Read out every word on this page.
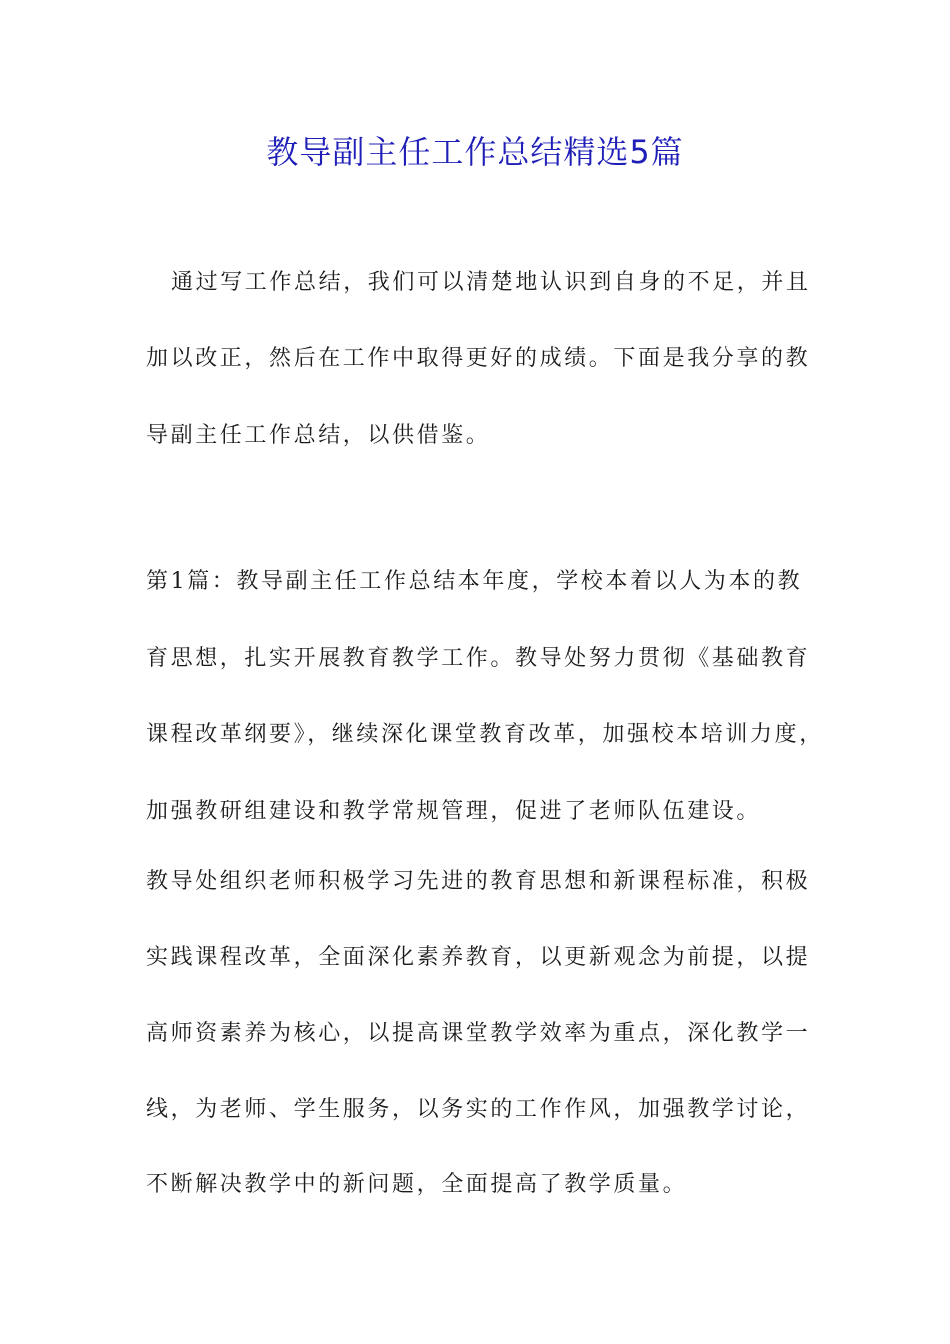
教导副主任工作总结精选5篇

通过写工作总结，我们可以清楚地认识到自身的不足，并且

加以改正，然后在工作中取得更好的成绩。下面是我分享的教

导副主任工作总结，以供借鉴。

第1篇：教导副主任工作总结本年度，学校本着以人为本的教

育思想，扎实开展教育教学工作。教导处努力贯彻《基础教育

课程改革纲要》，继续深化课堂教育改革，加强校本培训力度，

加强教研组建设和教学常规管理，促进了老师队伍建设。

教导处组织老师积极学习先进的教育思想和新课程标准，积极

实践课程改革，全面深化素养教育，以更新观念为前提，以提

高师资素养为核心，以提高课堂教学效率为重点，深化教学一

线，为老师、学生服务，以务实的工作作风，加强教学讨论，

不断解决教学中的新问题，全面提高了教学质量。
